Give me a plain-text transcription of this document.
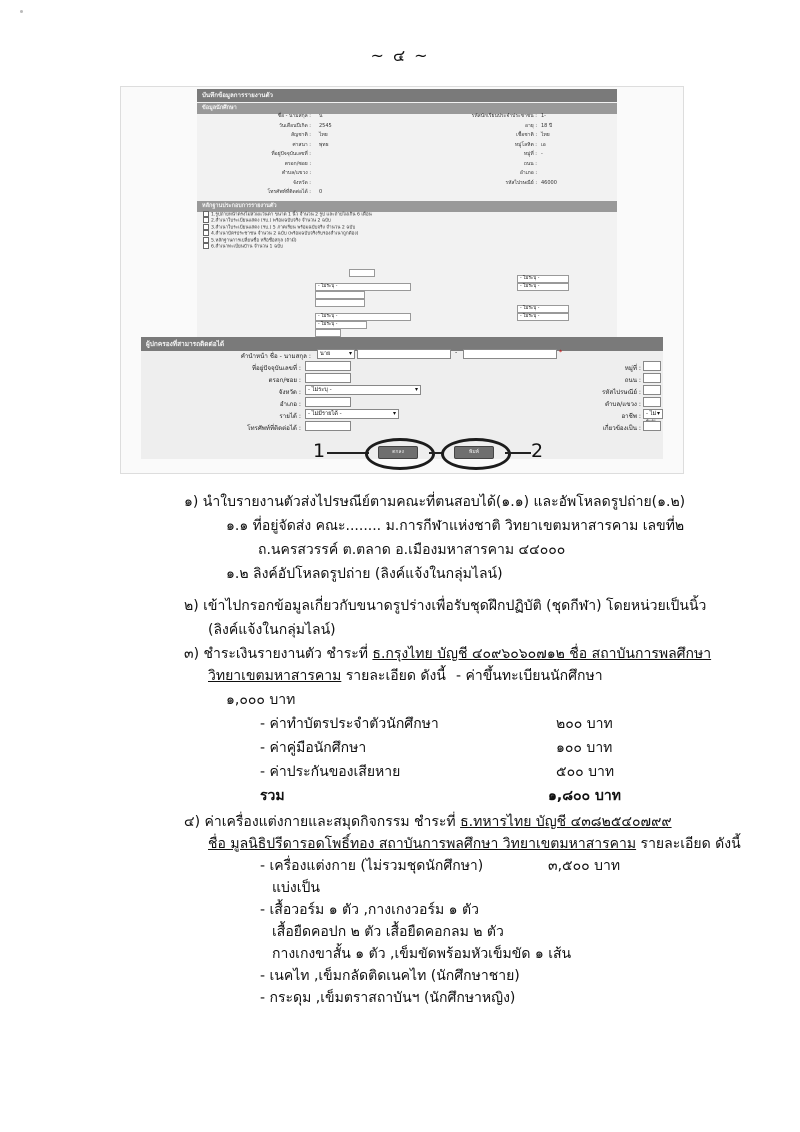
~ ๔ ~
บันทึกข้อมูลการรายงานตัว
ข้อมูลนักศึกษา
ชื่อ - นามสกุล : น	รหัสนักเรียนประจำประชาชน : 1-
วันเดือนปีเกิด : 2545	อายุ : 18 ปี
สัญชาติ : ไทย	เชื้อชาติ : ไทย
ศาสนา : พุทธ	หมู่โลหิต : เอ
ที่อยู่ปัจจุบันเลขที่ :	หมู่ที่ : -
ตรอก/ซอย :	ถนน :
ตำบล/แขวง :	อำเภอ :
จังหวัด :	รหัสไปรษณีย์ : 46000
โทรศัพท์ที่ติดต่อได้ : 0
หลักฐานประกอบการรายงานตัว
1.รูปถ่ายหน้าตรงไม่สวมแว่นตา ขนาด 1 นิ้ว จำนวน 2 รูป และถ่ายไม่เกิน 6 เดือน
2.สำเนาใบระเบียนแสดง (รบ.) พร้อมฉบับจริง จำนวน 2 ฉบับ
3.สำเนาใบระเบียนแสดง (รบ.) 5 ภาคเรียน พร้อมฉบับจริง จำนวน 2 ฉบับ
4.สำเนาบัตรประชาชน จำนวน 2 ฉบับ (พร้อมฉบับจริงรับรองสำเนาถูกต้อง)
5.หลักฐานการเปลี่ยนชื่อ หรือชื่อสกุล (ถ้ามี)
6.สำเนาทะเบียนบ้าน จำนวน 1 ฉบับ
- ไม่ระบุ -
- ไม่ระบุ -	- ไม่ระบุ -
- ไม่ระบุ -
- ไม่ระบุ -	- ไม่ระบุ -
- ไม่ระบุ -
ผู้ปกครองที่สามารถติดต่อได้
คำนำหน้า ชื่อ - นามสกุล :	นาย ▾	-	*
ที่อยู่ปัจจุบันเลขที่ :	หมู่ที่ :
ตรอก/ซอย :	ถนน :
จังหวัด :	- ไม่ระบุ - ▾	รหัสไปรษณีย์ :
อำเภอ :	ตำบล/แขวง :
รายได้ :	- ไม่มีรายได้ - ▾	อาชีพ : - ไม่ ▾
โทรศัพท์ที่ติดต่อได้ :	เกี่ยวข้องเป็น :
1	ตกลง	พิมพ์	2
๑) นำใบรายงานตัวส่งไปรษณีย์ตามคณะที่ตนสอบได้(๑.๑) และอัพโหลดรูปถ่าย(๑.๒)
๑.๑ ที่อยู่จัดส่ง คณะ........ ม.การกีฬาแห่งชาติ วิทยาเขตมหาสารคาม เลขที่๒
ถ.นครสวรรค์ ต.ตลาด อ.เมืองมหาสารคาม ๔๔๐๐๐
๑.๒ ลิงค์อัปโหลดรูปถ่าย (ลิงค์แจ้งในกลุ่มไลน์)
๒) เข้าไปกรอกข้อมูลเกี่ยวกับขนาดรูปร่างเพื่อรับชุดฝึกปฏิบัติ (ชุดกีฬา) โดยหน่วยเป็นนิ้ว
(ลิงค์แจ้งในกลุ่มไลน์)
๓) ชำระเงินรายงานตัว ชำระที่ ธ.กรุงไทย บัญชี ๔๐๙๖๐๖๐๗๑๒ ชื่อ สถาบันการพลศึกษา
วิทยาเขตมหาสารคาม รายละเอียด ดังนี้ - ค่าขึ้นทะเบียนนักศึกษา
๑,๐๐๐ บาท
- ค่าทำบัตรประจำตัวนักศึกษา	๒๐๐ บาท
- ค่าคู่มือนักศึกษา	๑๐๐ บาท
- ค่าประกันของเสียหาย	๕๐๐ บาท
รวม	๑,๘๐๐ บาท
๔) ค่าเครื่องแต่งกายและสมุดกิจกรรม ชำระที่ ธ.ทหารไทย บัญชี ๔๓๘๒๕๔๐๗๙๙
ชื่อ มูลนิธิปรีดารอดโพธิ์ทอง สถาบันการพลศึกษา วิทยาเขตมหาสารคาม รายละเอียด ดังนี้
- เครื่องแต่งกาย (ไม่รวมชุดนักศึกษา)	๓,๕๐๐ บาท
แบ่งเป็น
- เสื้อวอร์ม ๑ ตัว ,กางเกงวอร์ม ๑ ตัว
เสื้อยืดคอปก ๒ ตัว เสื้อยืดคอกลม ๒ ตัว
กางเกงขาสั้น ๑ ตัว ,เข็มขัดพร้อมหัวเข็มขัด ๑ เส้น
- เนคไท ,เข็มกลัดติดเนคไท (นักศึกษาชาย)
- กระดุม ,เข็มตราสถาบันฯ (นักศึกษาหญิง)
